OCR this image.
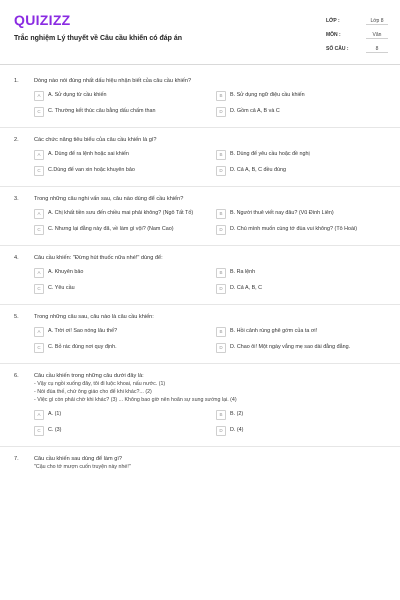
QUIZIZZ
Trắc nghiệm Lý thuyết về Câu cầu khiến có đáp án
LỚP :	Lớp 8
MÔN :	Văn
SỐ CÂU :	8
1.	Dòng nào nói đúng nhất dấu hiệu nhận biết của câu cầu khiến?
A	A. Sử dụng từ cầu khiến	B	B. Sử dụng ngữ điệu cầu khiến
C	C. Thường kết thúc câu bằng dấu chấm than	D	D. Gồm cả A, B và C
2.	Các chức năng tiêu biểu của câu cầu khiến là gì?
A	A. Dùng để ra lệnh hoặc sai khiến	B	B. Dùng để yêu cầu hoặc đề nghị
C	C.Dùng để van xin hoặc khuyên bảo	D	D. Cả A, B, C đều đúng
3.	Trong những câu nghi vấn sau, câu nào dùng để cầu khiến?
A	A. Chị khất tiền sưu đến chiều mai phải không? (Ngô Tất Tố)	B	B. Người thuê viết nay đâu? (Vũ Đình Liên)
C	C. Nhưng lại đằng này đã, về làm gì vội? (Nam Cao)	D	D. Chú mình muốn cùng tớ đùa vui không? (Tô Hoài)
4.	Câu cầu khiến: "Đừng hút thuốc nữa nhé!" dùng để:
A	A. Khuyên bảo	B	B. Ra lệnh
C	C. Yêu cầu	D	D. Cả A, B, C
5.	Trong những câu sau, câu nào là câu cầu khiến:
A	A. Trời ơi! Sao nóng lâu thế?	B	B. Hồi cảnh rùng ghê gớm của ta ơi!
C	C. Bỏ rác đúng nơi quy định.	D	D. Chao ôi! Một ngày vắng mẹ sao dài đằng đẵng.
6.	Câu cầu khiến trong những câu dưới đây là:
- Vậy cụ ngồi xuống đây, tôi đi luộc khoai, nấu nước. (1)
- Nói đùa thế, chứ ông giáo cho để khi khác?... (2)
- Việc gì còn phải chờ khi khác? (3) ... Không bao giờ nên hoãn sự sung sướng lại. (4)
A	A. (1)	B	B. (2)
C	C. (3)	D	D. (4)
7.	Câu cầu khiến sau dùng để làm gì?
"Cậu cho tớ mượn cuốn truyện này nhé!"
